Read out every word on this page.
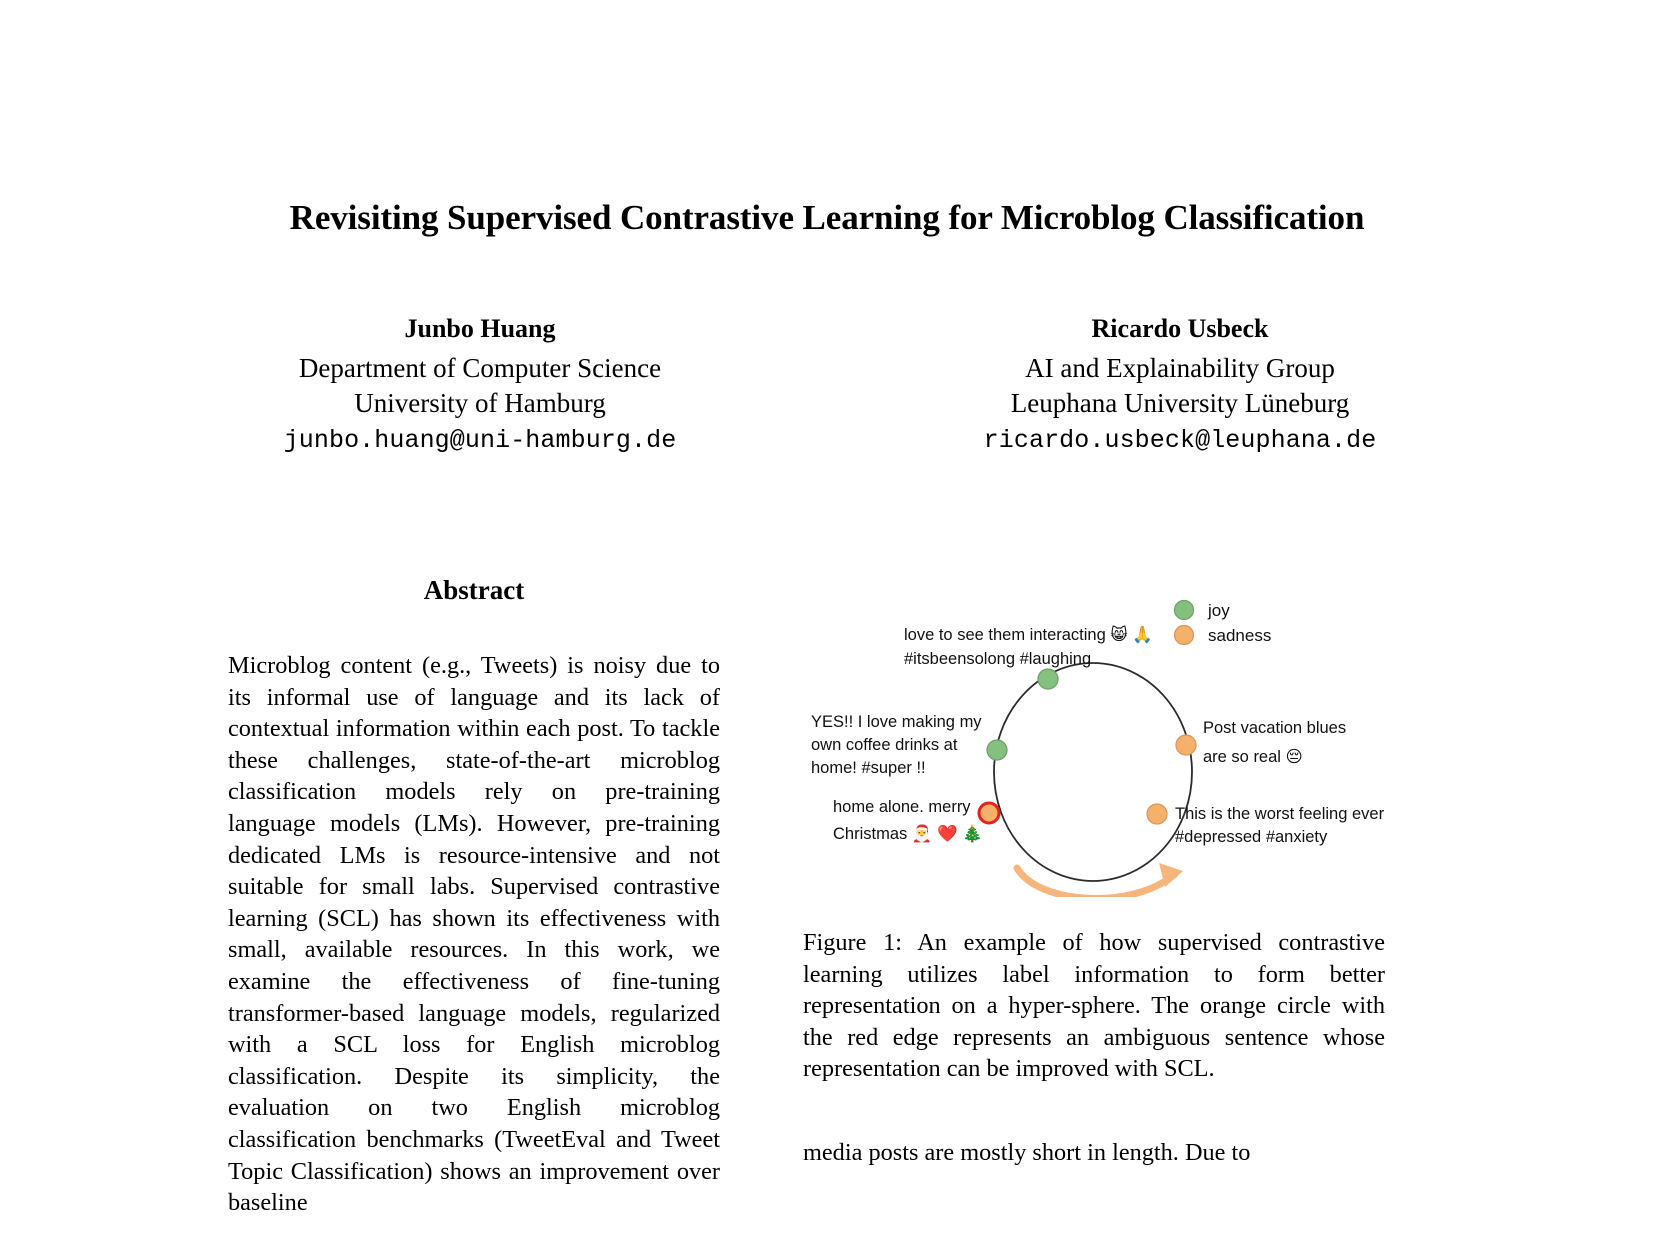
Revisiting Supervised Contrastive Learning for Microblog Classification
Junbo Huang
Department of Computer Science
University of Hamburg
junbo.huang@uni-hamburg.de
Ricardo Usbeck
AI and Explainability Group
Leuphana University Lüneburg
ricardo.usbeck@leuphana.de
Abstract

Microblog content (e.g., Tweets) is noisy due to its informal use of language and its lack of contextual information within each post. To tackle these challenges, state-of-the-art microblog classification models rely on pre-training language models (LMs). However, pre-training dedicated LMs is resource-intensive and not suitable for small labs. Supervised contrastive learning (SCL) has shown its effectiveness with small, available resources. In this work, we examine the effectiveness of fine-tuning transformer-based language models, regularized with a SCL loss for English microblog classification. Despite its simplicity, the evaluation on two English microblog classification benchmarks (TweetEval and Tweet Topic Classification) shows an improvement over baseline

joy
sadness
love to see them interacting 😸 🙏
#itsbeensolong #laughing
YES!! I love making my
own coffee drinks at
home! #super !!
home alone. merry
Christmas 🎅 ❤️ 🎄
Post vacation blues
are so real 😔
This is the worst feeling ever
#depressed #anxiety

Figure 1: An example of how supervised contrastive learning utilizes label information to form better representation on a hyper-sphere. The orange circle with the red edge represents an ambiguous sentence whose representation can be improved with SCL.

media posts are mostly short in length. Due to
